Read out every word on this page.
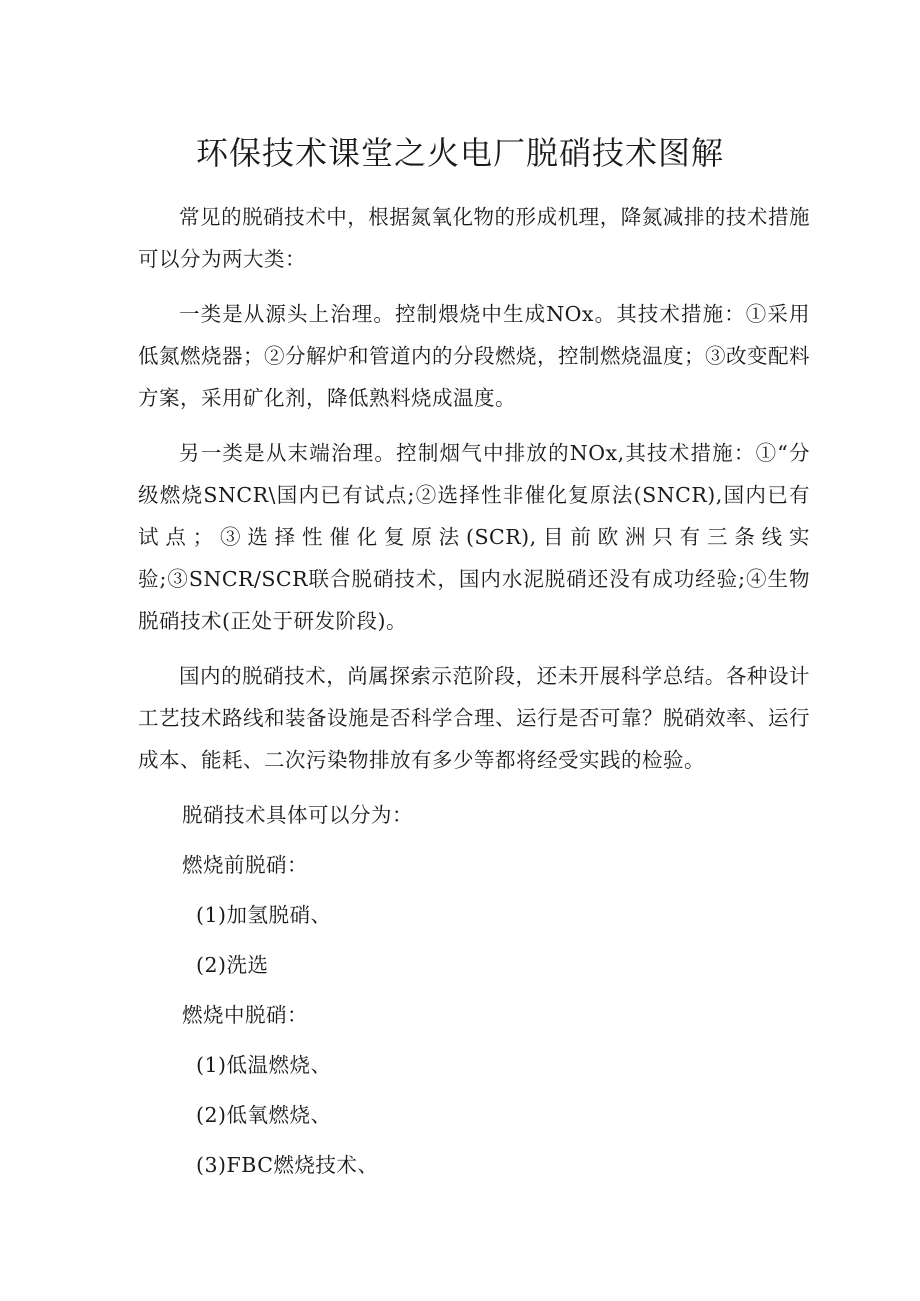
环保技术课堂之火电厂脱硝技术图解

常见的脱硝技术中，根据氮氧化物的形成机理，降氮减排的技术措施可以分为两大类：

一类是从源头上治理。控制煨烧中生成NOx。其技术措施：①采用低氮燃烧器；②分解炉和管道内的分段燃烧，控制燃烧温度；③改变配料方案，采用矿化剂，降低熟料烧成温度。

另一类是从末端治理。控制烟气中排放的NOx,其技术措施：①“分级燃烧SNCR\国内已有试点;②选择性非催化复原法(SNCR),国内已有试点；③选择性催化复原法(SCR),目前欧洲只有三条线实验;③SNCR/SCR联合脱硝技术，国内水泥脱硝还没有成功经验;④生物脱硝技术(正处于研发阶段)。

国内的脱硝技术，尚属探索示范阶段，还未开展科学总结。各种设计工艺技术路线和装备设施是否科学合理、运行是否可靠？脱硝效率、运行成本、能耗、二次污染物排放有多少等都将经受实践的检验。

脱硝技术具体可以分为：
燃烧前脱硝：
(1)加氢脱硝、
(2)洗选
燃烧中脱硝：
(1)低温燃烧、
(2)低氧燃烧、
(3)FBC燃烧技术、
